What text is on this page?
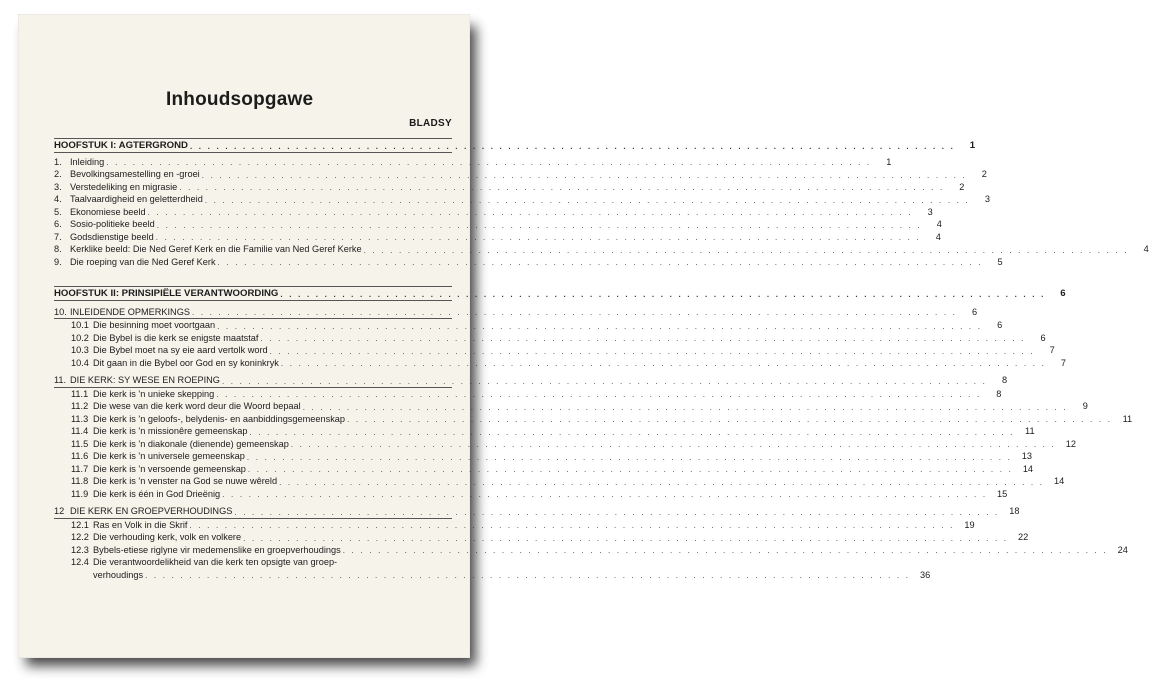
Inhoudsopgawe
BLADSY
HOOFSTUK I: AGTERGROND . . . . . . . . . . . . . . . . . . . . . . . . . . . . . . . . . . . . . . . . . . . . . . . . . . . . . . . . . . . . . . . . . . . . . . . . . . . . . . . . . . . . . . .	1
1. Inleiding . . . . . . . . . . . . . . . . . . . . . . . . . . . . . . . . . . . . . . . . . . . . . . . . . . . . . . . . . . . . . . . . . . . . . . . . . . . . . . . . . . . . . . .	1
2. Bevolkingsamestelling en -groei . . . . . . . . . . . . . . . . . . . . . . . . . . . . . . . . . . . . . . . . . . . . . . . . . . . . . . . . . . . . . . . . . . . . . . . . . . . . . . . . . . . . . . .	2
3. Verstedeliking en migrasie . . . . . . . . . . . . . . . . . . . . . . . . . . . . . . . . . . . . . . . . . . . . . . . . . . . . . . . . . . . . . . . . . . . . . . . . . . . . . . . . . . . . . . .	2
4. Taalvaardigheid en geletterdheid . . . . . . . . . . . . . . . . . . . . . . . . . . . . . . . . . . . . . . . . . . . . . . . . . . . . . . . . . . . . . . . . . . . . . . . . . . . . . . . . . . . . . . .	3
5. Ekonomiese beeld . . . . . . . . . . . . . . . . . . . . . . . . . . . . . . . . . . . . . . . . . . . . . . . . . . . . . . . . . . . . . . . . . . . . . . . . . . . . . . . . . . . . . . .	3
6. Sosio-politieke beeld . . . . . . . . . . . . . . . . . . . . . . . . . . . . . . . . . . . . . . . . . . . . . . . . . . . . . . . . . . . . . . . . . . . . . . . . . . . . . . . . . . . . . . .	4
7. Godsdienstige beeld . . . . . . . . . . . . . . . . . . . . . . . . . . . . . . . . . . . . . . . . . . . . . . . . . . . . . . . . . . . . . . . . . . . . . . . . . . . . . . . . . . . . . . .	4
8. Kerklike beeld: Die Ned Geref Kerk en die Familie van Ned Geref Kerke . . . . . . . . . . . . . . . . . . . . . . . . . . . . . . . . . . . . . . . . . . . . . . . . . . . . . . . . . . . . . . . . . . . . . . . . . . . . . . . . . . . . . . .	4
9. Die roeping van die Ned Geref Kerk . . . . . . . . . . . . . . . . . . . . . . . . . . . . . . . . . . . . . . . . . . . . . . . . . . . . . . . . . . . . . . . . . . . . . . . . . . . . . . . . . . . . . . .	5
HOOFSTUK II: PRINSIPIËLE VERANTWOORDING . . . . . . . . . . . . . . . . . . . . . . . . . . . . . . . . . . . . . . . . . . . . . . . . . . . . . . . . . . . . . . . . . . . . . . . . . . . . . . . . . . . . . . .	6
10. INLEIDENDE OPMERKINGS . . . . . . . . . . . . . . . . . . . . . . . . . . . . . . . . . . . . . . . . . . . . . . . . . . . . . . . . . . . . . . . . . . . . . . . . . . . . . . . . . . . . . . .	6
10.1 Die besinning moet voortgaan . . . . . . . . . . . . . . . . . . . . . . . . . . . . . . . . . . . . . . . . . . . . . . . . . . . . . . . . . . . . . . . . . . . . . . . . . . . . . . . . . . . . . . .	6
10.2 Die Bybel is die kerk se enigste maatstaf . . . . . . . . . . . . . . . . . . . . . . . . . . . . . . . . . . . . . . . . . . . . . . . . . . . . . . . . . . . . . . . . . . . . . . . . . . . . . . . . . . . . . . .	6
10.3 Die Bybel moet na sy eie aard vertolk word . . . . . . . . . . . . . . . . . . . . . . . . . . . . . . . . . . . . . . . . . . . . . . . . . . . . . . . . . . . . . . . . . . . . . . . . . . . . . . . . . . . . . . .	7
10.4 Dit gaan in die Bybel oor God en sy koninkryk . . . . . . . . . . . . . . . . . . . . . . . . . . . . . . . . . . . . . . . . . . . . . . . . . . . . . . . . . . . . . . . . . . . . . . . . . . . . . . . . . . . . . . .	7
11. DIE KERK: SY WESE EN ROEPING . . . . . . . . . . . . . . . . . . . . . . . . . . . . . . . . . . . . . . . . . . . . . . . . . . . . . . . . . . . . . . . . . . . . . . . . . . . . . . . . . . . . . . .	8
11.1 Die kerk is 'n unieke skepping . . . . . . . . . . . . . . . . . . . . . . . . . . . . . . . . . . . . . . . . . . . . . . . . . . . . . . . . . . . . . . . . . . . . . . . . . . . . . . . . . . . . . . .	8
11.2 Die wese van die kerk word deur die Woord bepaal . . . . . . . . . . . . . . . . . . . . . . . . . . . . . . . . . . . . . . . . . . . . . . . . . . . . . . . . . . . . . . . . . . . . . . . . . . . . . . . . . . . . . . .	9
11.3 Die kerk is 'n geloofs-, belydenis- en aanbiddingsgemeenskap . . . . . . . . . . . . . . . . . . . . . . . . . . . . . . . . . . . . . . . . . . . . . . . . . . . . . . . . . . . . . . . . . . . . . . . . . . . . . . . . . . . . . . .	11
11.4 Die kerk is 'n missionêre gemeenskap . . . . . . . . . . . . . . . . . . . . . . . . . . . . . . . . . . . . . . . . . . . . . . . . . . . . . . . . . . . . . . . . . . . . . . . . . . . . . . . . . . . . . . .	11
11.5 Die kerk is 'n diakonale (dienende) gemeenskap . . . . . . . . . . . . . . . . . . . . . . . . . . . . . . . . . . . . . . . . . . . . . . . . . . . . . . . . . . . . . . . . . . . . . . . . . . . . . . . . . . . . . . .	12
11.6 Die kerk is 'n universele gemeenskap . . . . . . . . . . . . . . . . . . . . . . . . . . . . . . . . . . . . . . . . . . . . . . . . . . . . . . . . . . . . . . . . . . . . . . . . . . . . . . . . . . . . . . .	13
11.7 Die kerk is 'n versoende gemeenskap . . . . . . . . . . . . . . . . . . . . . . . . . . . . . . . . . . . . . . . . . . . . . . . . . . . . . . . . . . . . . . . . . . . . . . . . . . . . . . . . . . . . . . .	14
11.8 Die kerk is 'n venster na God se nuwe wêreld . . . . . . . . . . . . . . . . . . . . . . . . . . . . . . . . . . . . . . . . . . . . . . . . . . . . . . . . . . . . . . . . . . . . . . . . . . . . . . . . . . . . . . .	14
11.9 Die kerk is één in God Drieënig . . . . . . . . . . . . . . . . . . . . . . . . . . . . . . . . . . . . . . . . . . . . . . . . . . . . . . . . . . . . . . . . . . . . . . . . . . . . . . . . . . . . . . .	15
12 DIE KERK EN GROEPVERHOUDINGS . . . . . . . . . . . . . . . . . . . . . . . . . . . . . . . . . . . . . . . . . . . . . . . . . . . . . . . . . . . . . . . . . . . . . . . . . . . . . . . . . . . . . . .	18
12.1 Ras en Volk in die Skrif . . . . . . . . . . . . . . . . . . . . . . . . . . . . . . . . . . . . . . . . . . . . . . . . . . . . . . . . . . . . . . . . . . . . . . . . . . . . . . . . . . . . . . .	19
12.2 Die verhouding kerk, volk en volkere . . . . . . . . . . . . . . . . . . . . . . . . . . . . . . . . . . . . . . . . . . . . . . . . . . . . . . . . . . . . . . . . . . . . . . . . . . . . . . . . . . . . . . .	22
12.3 Bybels-etiese riglyne vir medemenslike en groepverhoudings . . . . . . . . . . . . . . . . . . . . . . . . . . . . . . . . . . . . . . . . . . . . . . . . . . . . . . . . . . . . . . . . . . . . . . . . . . . . . . . . . . . . . . .	24
12.4 Die verantwoordelikheid van die kerk ten opsigte van groep-
verhoudings . . . . . . . . . . . . . . . . . . . . . . . . . . . . . . . . . . . . . . . . . . . . . . . . . . . . . . . . . . . . . . . . . . . . . . . . . . . . . . . . . . . . . . .	36
